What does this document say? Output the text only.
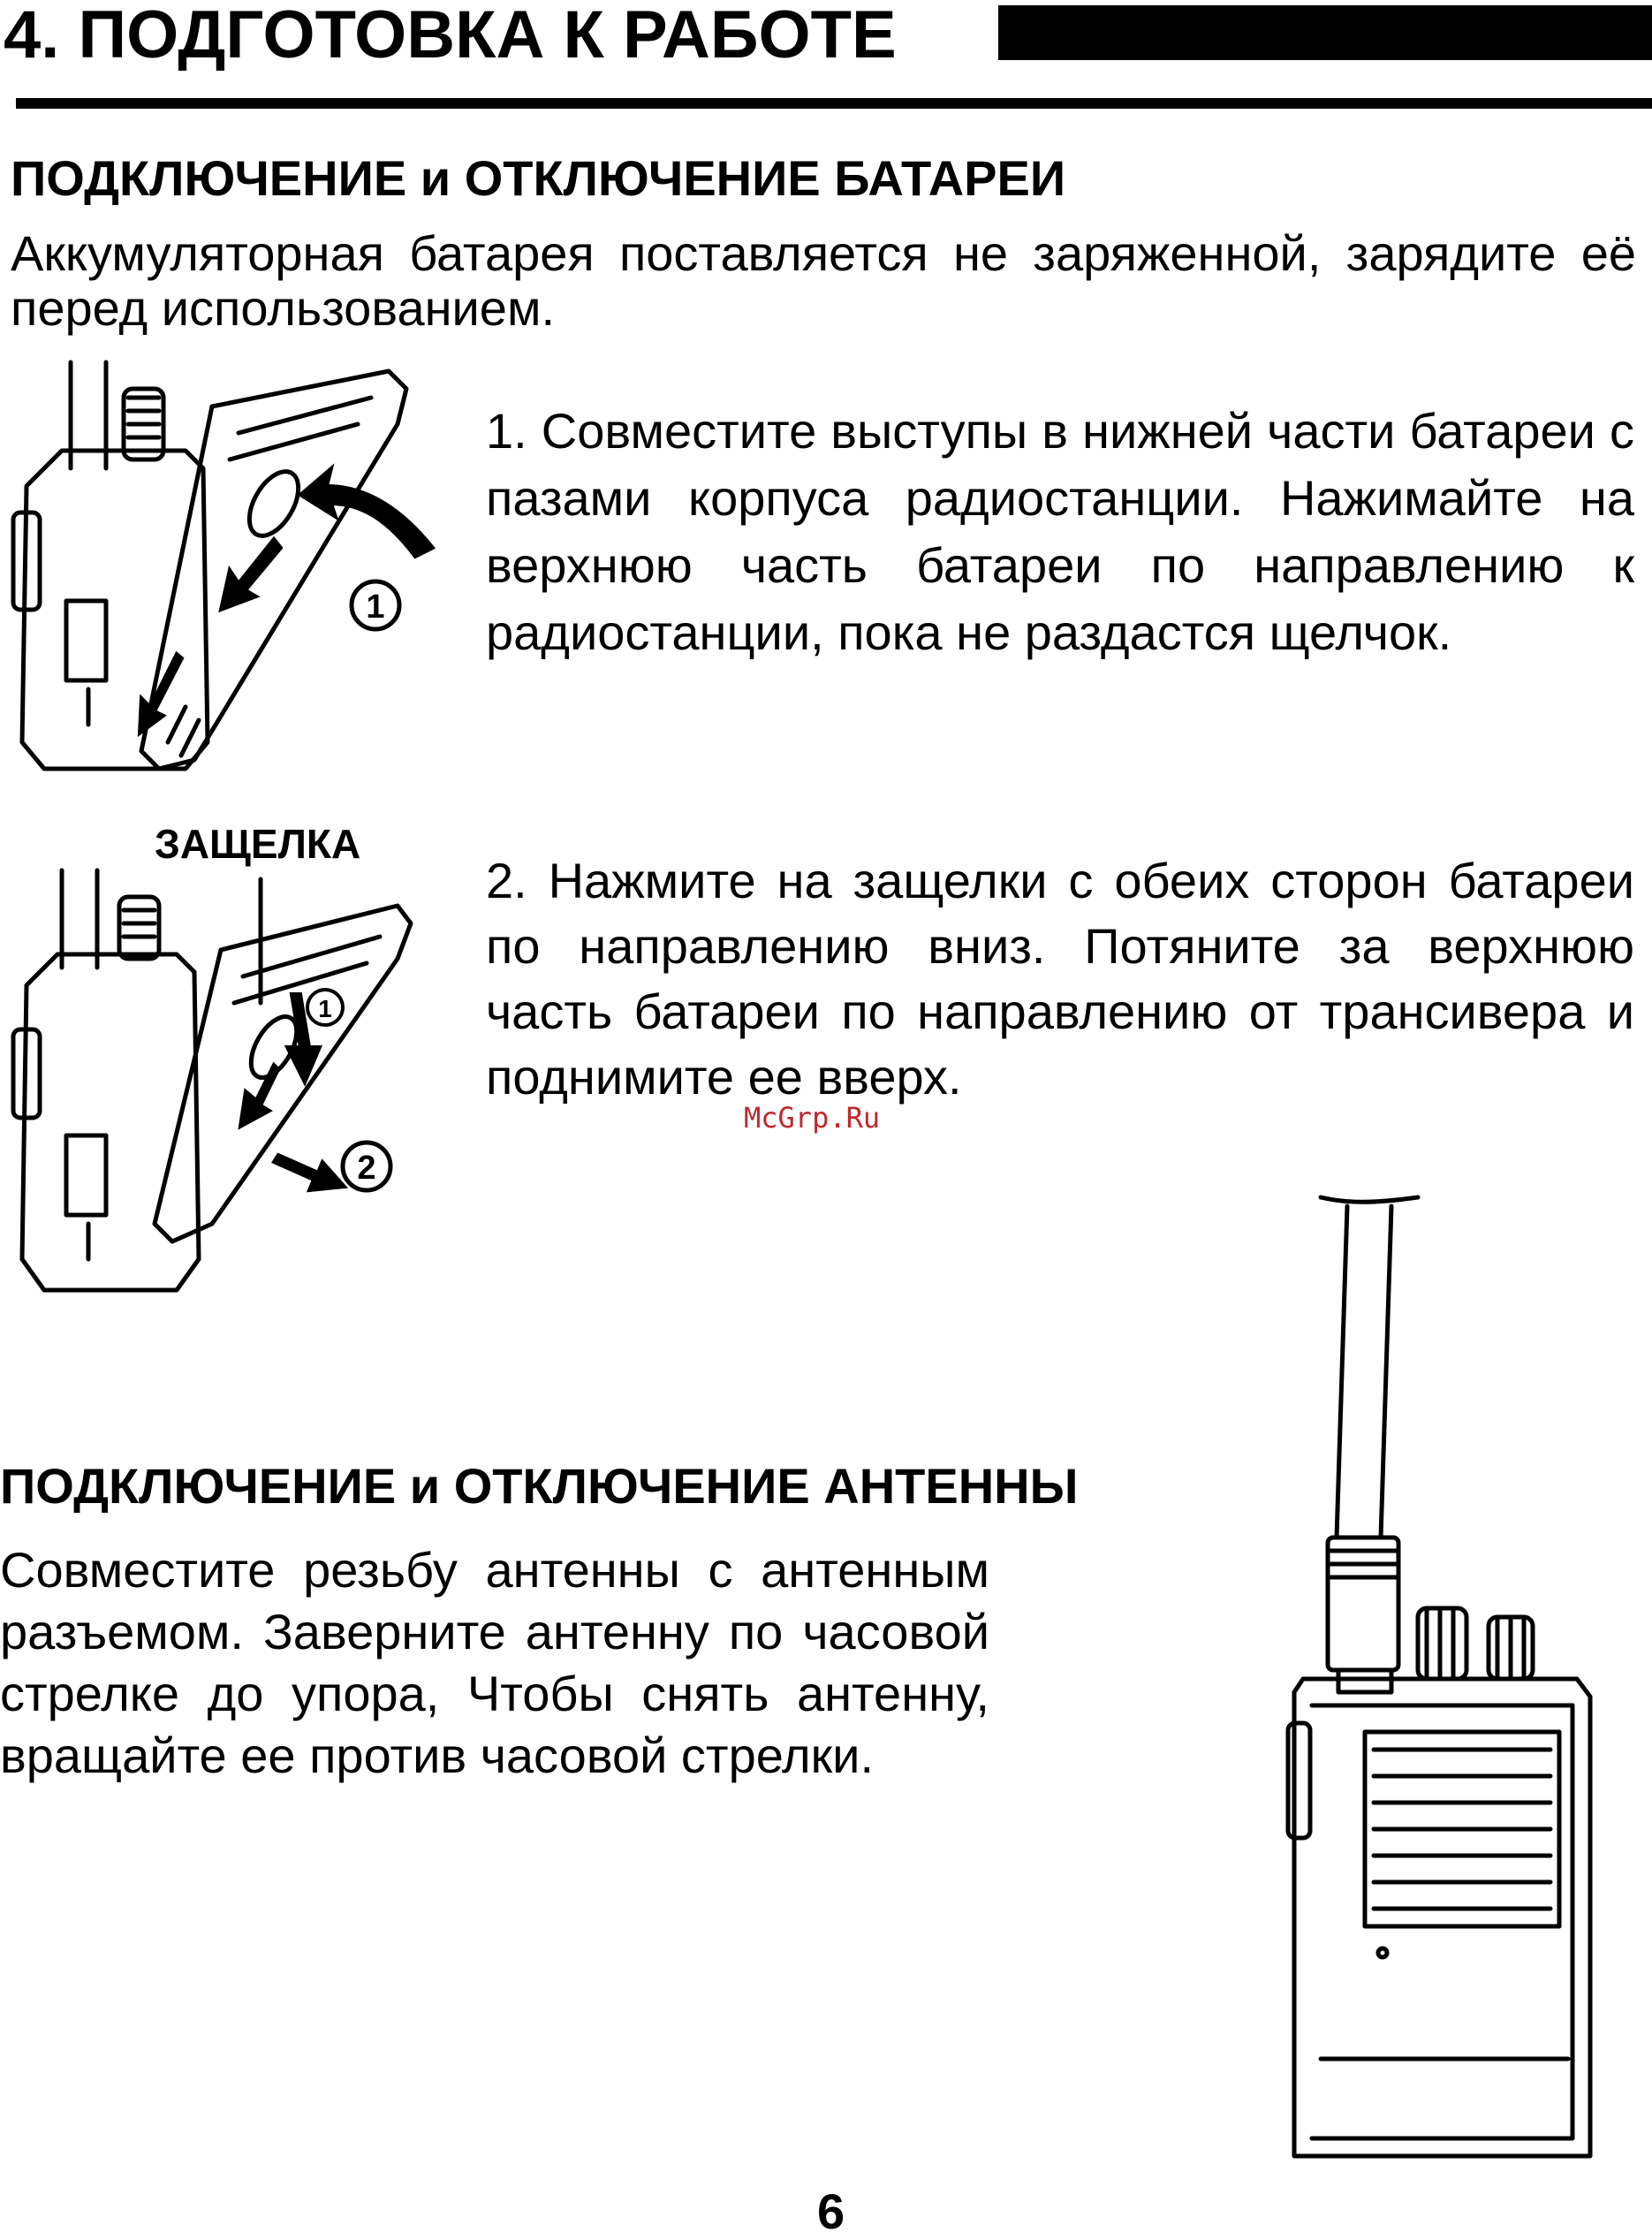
4. ПОДГОТОВКА К РАБОТЕ
ПОДКЛЮЧЕНИЕ и ОТКЛЮЧЕНИЕ БАТАРЕИ

Аккумуляторная батарея поставляется не заряженной, зарядите её перед использованием.

1

1. Совместите выступы в нижней части батареи с пазами корпуса радиостанции. Нажимайте на верхнюю часть батареи по направлению к радиостанции, пока не раздастся щелчок.

ЗАЩЕЛКА

1
2

2. Нажмите на защелки с обеих сторон батареи по направлению вниз. Потяните за верхнюю часть батареи по направлению от трансивера и поднимите ее вверх.

McGrp.Ru

ПОДКЛЮЧЕНИЕ и ОТКЛЮЧЕНИЕ АНТЕННЫ

Совместите резьбу антенны с антенным разъемом. Заверните антенну по часовой стрелке до упора, Чтобы снять антенну, вращайте ее против часовой стрелки.

6
